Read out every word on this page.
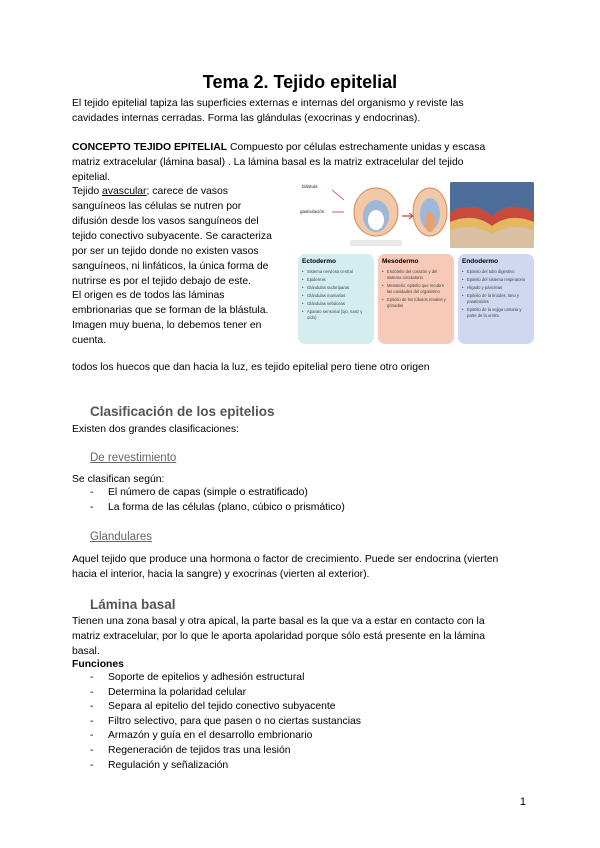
Tema 2. Tejido epitelial
El tejido epitelial tapiza las superficies externas e internas del organismo y reviste las
cavidades internas cerradas. Forma las glándulas (exocrinas y endocrinas).
CONCEPTO TEJIDO EPITELIAL Compuesto por células estrechamente unidas y escasa
matriz extracelular (lámina basal) . La lámina basal es la matriz extracelular del tejido
epitelial.
Tejido avascular; carece de vasos
sanguíneos las células se nutren por
difusión desde los vasos sanguíneos del
tejido conectivo subyacente. Se caracteriza
por ser un tejido donde no existen vasos
sanguíneos, ni linfáticos, la única forma de
nutrirse es por el tejido debajo de este.
El origen es de todos las láminas
embrionarias que se forman de la blástula.
Imagen muy buena, lo debemos tener en
cuenta.
blástula
gastrulación
Ectodermo
• Sistema nervioso central
• Epidermis
• Glándulas sudoríparas
• Glándulas mamarias
• Glándulas sebáceas
• Aparato sensorial (ojo, nariz y oído)
Mesodermo
• Endotelio del corazón y del sistema circulatorio
• Mesotelio: epitelio que recubre las cavidades del organismo
• Epitelio de los túbulos renales y gónadas
Endodermo
• Epitelio del tubo digestivo
• Epitelio del sistema respiratorio
• Hígado y páncreas
• Epitelio de la tiroides, timo y paratiroides
• Epitelio de la vejiga urinaria y parte de la uretra
todos los huecos que dan hacia la luz, es tejido epitelial pero tiene otro origen
Clasificación de los epitelios
Existen dos grandes clasificaciones:
De revestimiento
Se clasifican según:
- El número de capas (simple o estratificado)
- La forma de las células (plano, cúbico o prismático)
Glandulares
Aquel tejido que produce una hormona o factor de crecimiento. Puede ser endocrina (vierten
hacia el interior, hacia la sangre) y exocrinas (vierten al exterior).
Lámina basal
Tienen una zona basal y otra apical, la parte basal es la que va a estar en contacto con la
matriz extracelular, por lo que le aporta apolaridad porque sólo está presente en la lámina
basal.
Funciones
- Soporte de epitelios y adhesión estructural
- Determina la polaridad celular
- Separa al epitelio del tejido conectivo subyacente
- Filtro selectivo, para que pasen o no ciertas sustancias
- Armazón y guía en el desarrollo embrionario
- Regeneración de tejidos tras una lesión
- Regulación y señalización
1
